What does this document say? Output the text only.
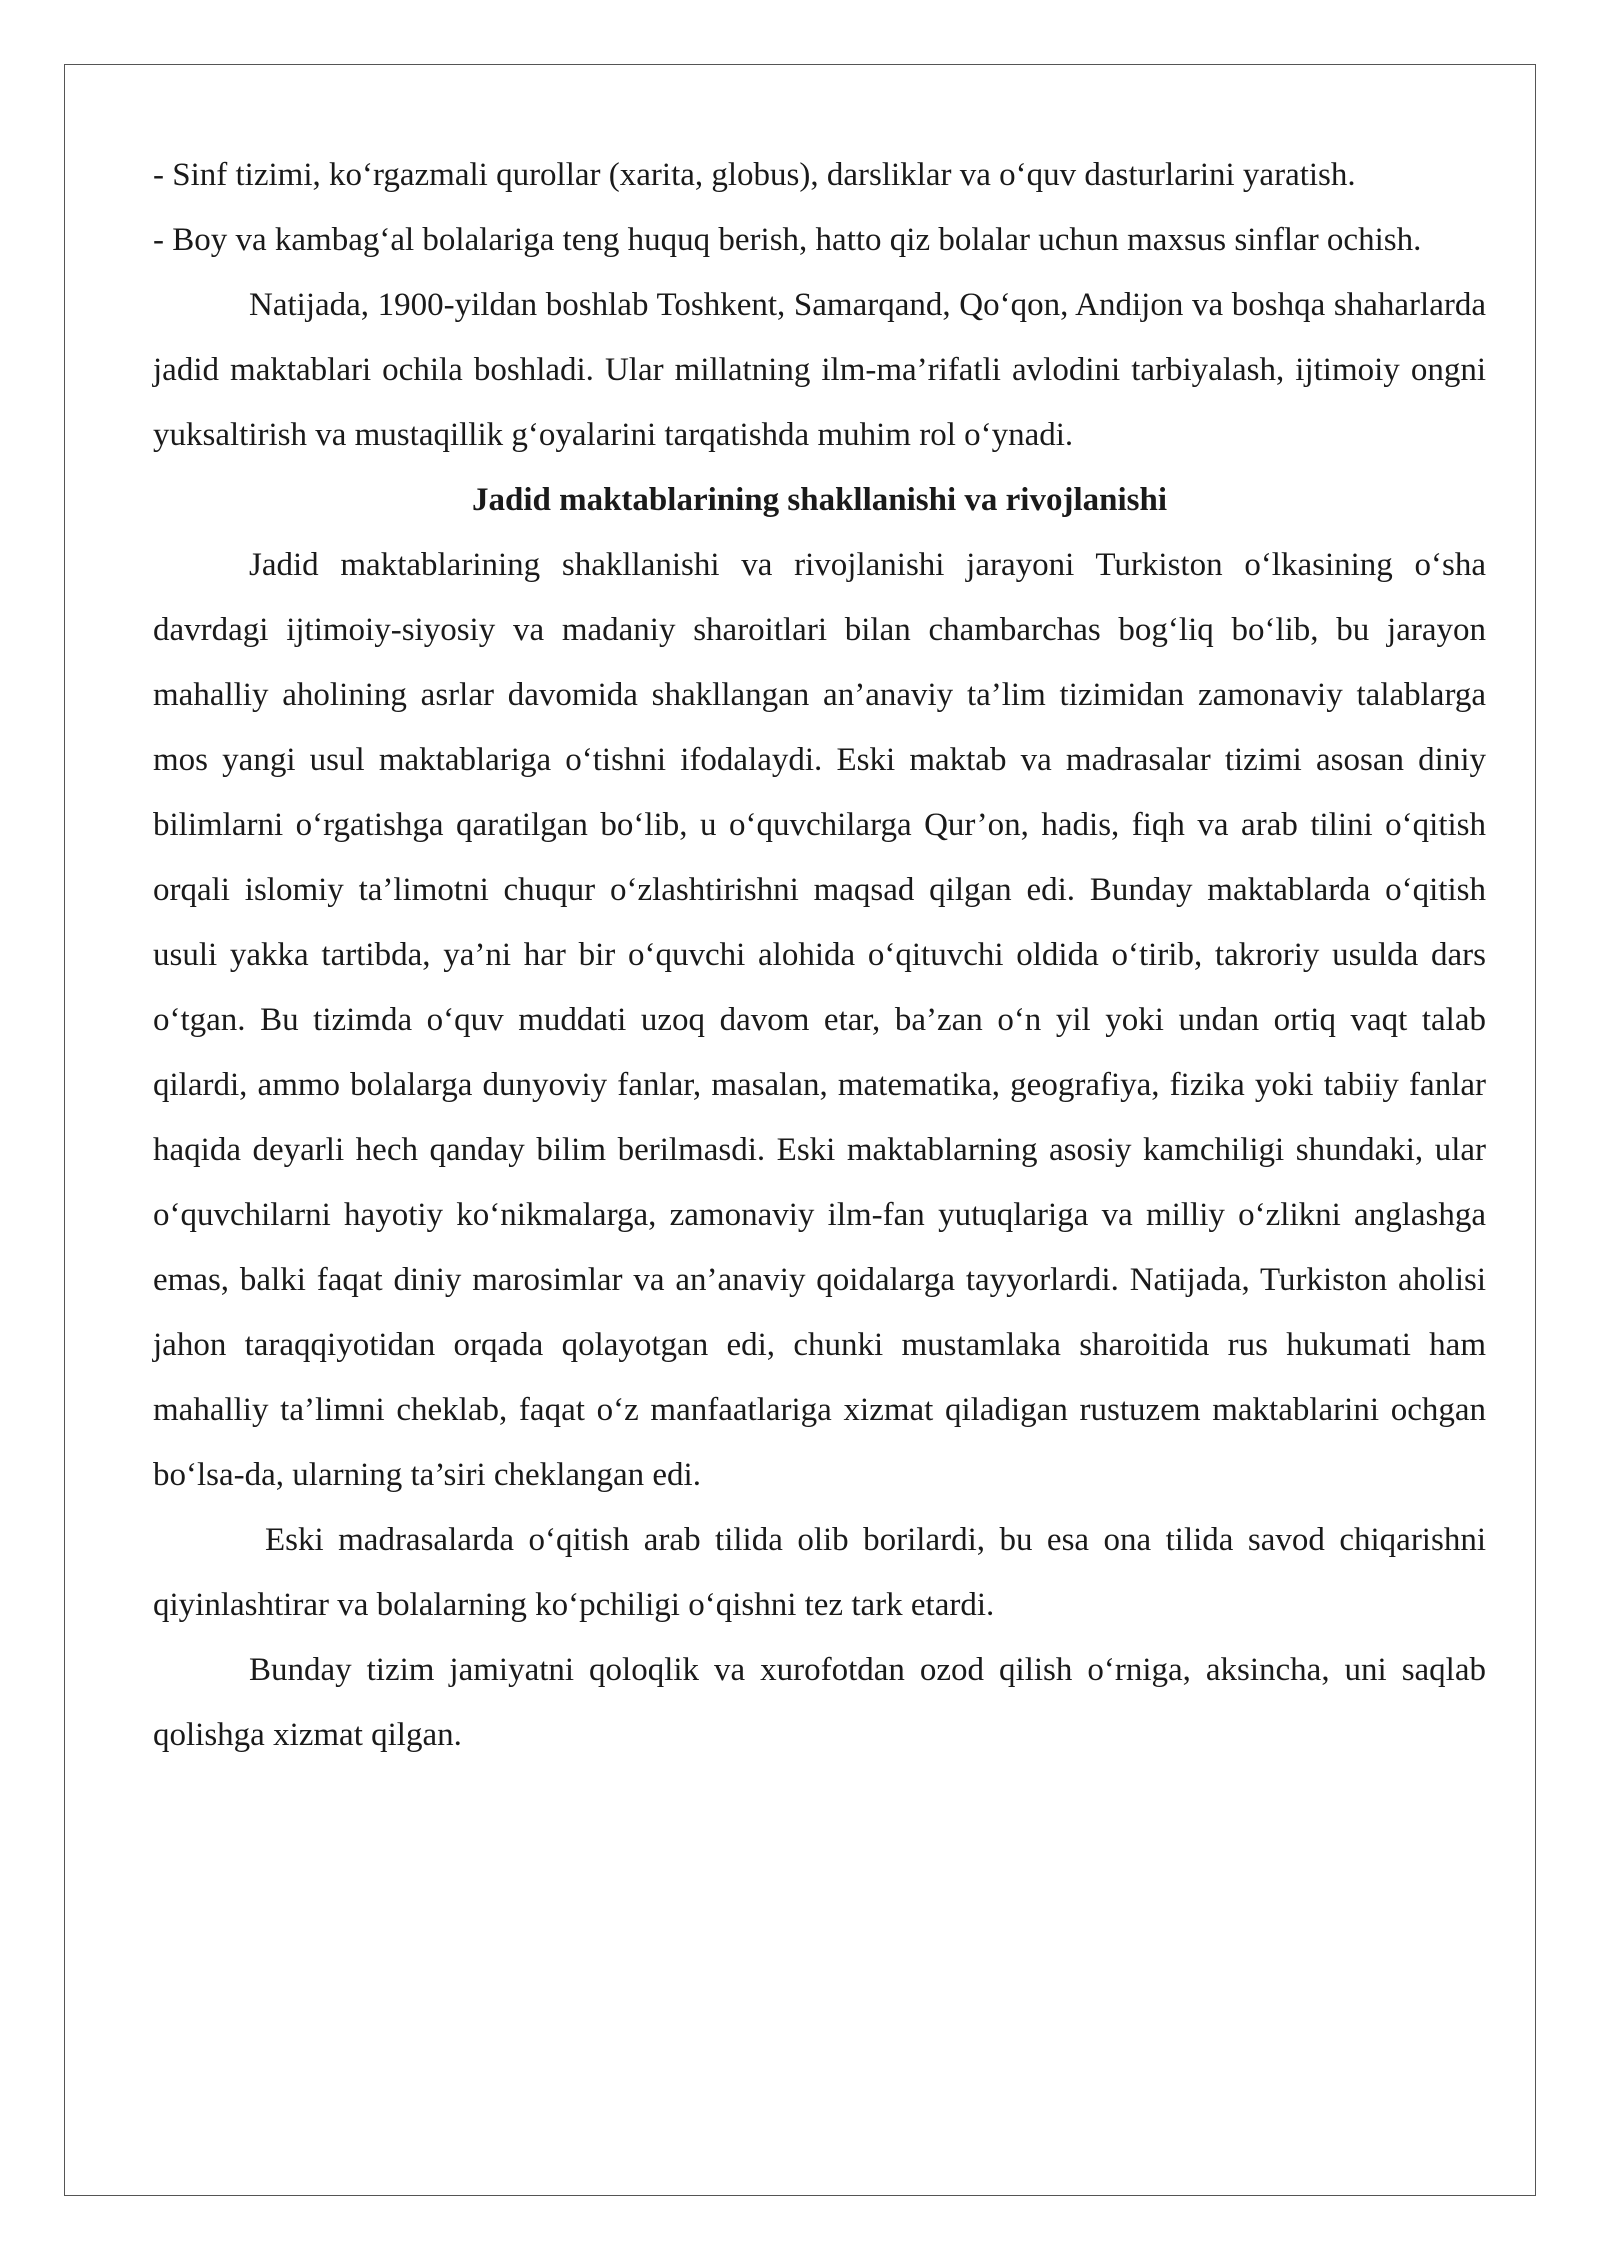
- Sinf tizimi, ko‘rgazmali qurollar (xarita, globus), darsliklar va o‘quv dasturlarini yaratish.

- Boy va kambag‘al bolalariga teng huquq berish, hatto qiz bolalar uchun maxsus sinflar ochish.

Natijada, 1900-yildan boshlab Toshkent, Samarqand, Qo‘qon, Andijon va boshqa shaharlarda jadid maktablari ochila boshladi. Ular millatning ilm-ma’rifatli avlodini tarbiyalash, ijtimoiy ongni yuksaltirish va mustaqillik g‘oyalarini tarqatishda muhim rol o‘ynadi.

Jadid maktablarining shakllanishi va rivojlanishi

Jadid maktablarining shakllanishi va rivojlanishi jarayoni Turkiston o‘lkasining o‘sha davrdagi ijtimoiy-siyosiy va madaniy sharoitlari bilan chambarchas bog‘liq bo‘lib, bu jarayon mahalliy aholining asrlar davomida shakllangan an’anaviy ta’lim tizimidan zamonaviy talablarga mos yangi usul maktablariga o‘tishni ifodalaydi. Eski maktab va madrasalar tizimi asosan diniy bilimlarni o‘rgatishga qaratilgan bo‘lib, u o‘quvchilarga Qur’on, hadis, fiqh va arab tilini o‘qitish orqali islomiy ta’limotni chuqur o‘zlashtirishni maqsad qilgan edi. Bunday maktablarda o‘qitish usuli yakka tartibda, ya’ni har bir o‘quvchi alohida o‘qituvchi oldida o‘tirib, takroriy usulda dars o‘tgan. Bu tizimda o‘quv muddati uzoq davom etar, ba’zan o‘n yil yoki undan ortiq vaqt talab qilardi, ammo bolalarga dunyoviy fanlar, masalan, matematika, geografiya, fizika yoki tabiiy fanlar haqida deyarli hech qanday bilim berilmasdi. Eski maktablarning asosiy kamchiligi shundaki, ular o‘quvchilarni hayotiy ko‘nikmalarga, zamonaviy ilm-fan yutuqlariga va milliy o‘zlikni anglashga emas, balki faqat diniy marosimlar va an’anaviy qoidalarga tayyorlardi. Natijada, Turkiston aholisi jahon taraqqiyotidan orqada qolayotgan edi, chunki mustamlaka sharoitida rus hukumati ham mahalliy ta’limni cheklab, faqat o‘z manfaatlariga xizmat qiladigan rustuzem maktablarini ochgan bo‘lsa-da, ularning ta’siri cheklangan edi.

Eski madrasalarda o‘qitish arab tilida olib borilardi, bu esa ona tilida savod chiqarishni qiyinlashtirar va bolalarning ko‘pchiligi o‘qishni tez tark etardi.

Bunday tizim jamiyatni qoloqlik va xurofotdan ozod qilish o‘rniga, aksincha, uni saqlab qolishga xizmat qilgan.
